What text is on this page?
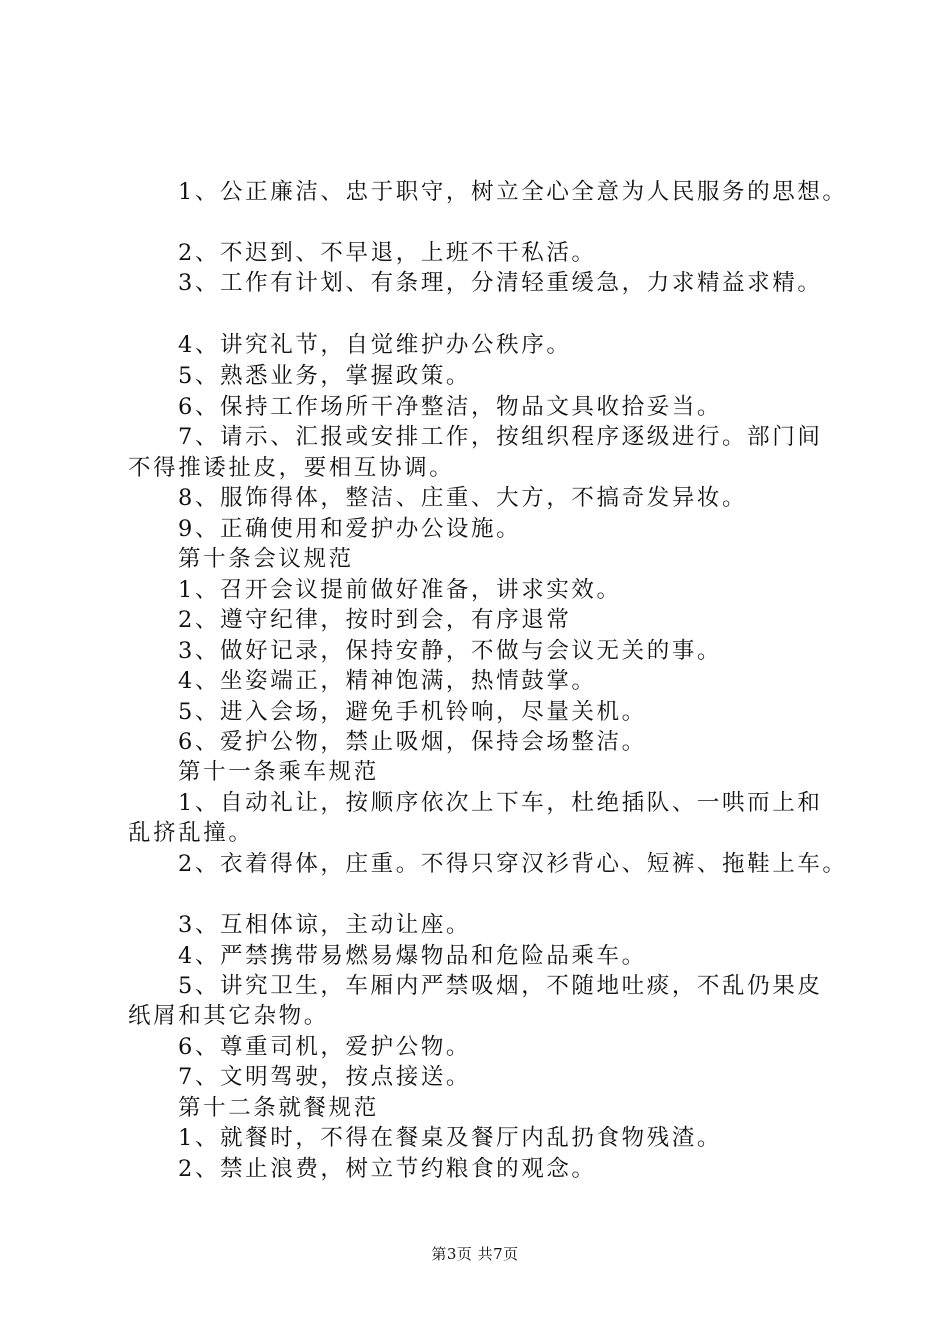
1、公正廉洁、忠于职守，树立全心全意为人民服务的思想。
2、不迟到、不早退，上班不干私活。
3、工作有计划、有条理，分清轻重缓急，力求精益求精。
4、讲究礼节，自觉维护办公秩序。
5、熟悉业务，掌握政策。
6、保持工作场所干净整洁，物品文具收拾妥当。
7、请示、汇报或安排工作，按组织程序逐级进行。部门间
不得推诿扯皮，要相互协调。
8、服饰得体，整洁、庄重、大方，不搞奇发异妆。
9、正确使用和爱护办公设施。
第十条会议规范
1、召开会议提前做好准备，讲求实效。
2、遵守纪律，按时到会，有序退常
3、做好记录，保持安静，不做与会议无关的事。
4、坐姿端正，精神饱满，热情鼓掌。
5、进入会场，避免手机铃响，尽量关机。
6、爱护公物，禁止吸烟，保持会场整洁。
第十一条乘车规范
1、自动礼让，按顺序依次上下车，杜绝插队、一哄而上和
乱挤乱撞。
2、衣着得体，庄重。不得只穿汉衫背心、短裤、拖鞋上车。
3、互相体谅，主动让座。
4、严禁携带易燃易爆物品和危险品乘车。
5、讲究卫生，车厢内严禁吸烟，不随地吐痰，不乱仍果皮
纸屑和其它杂物。
6、尊重司机，爱护公物。
7、文明驾驶，按点接送。
第十二条就餐规范
1、就餐时，不得在餐桌及餐厅内乱扔食物残渣。
2、禁止浪费，树立节约粮食的观念。
第3页 共7页
